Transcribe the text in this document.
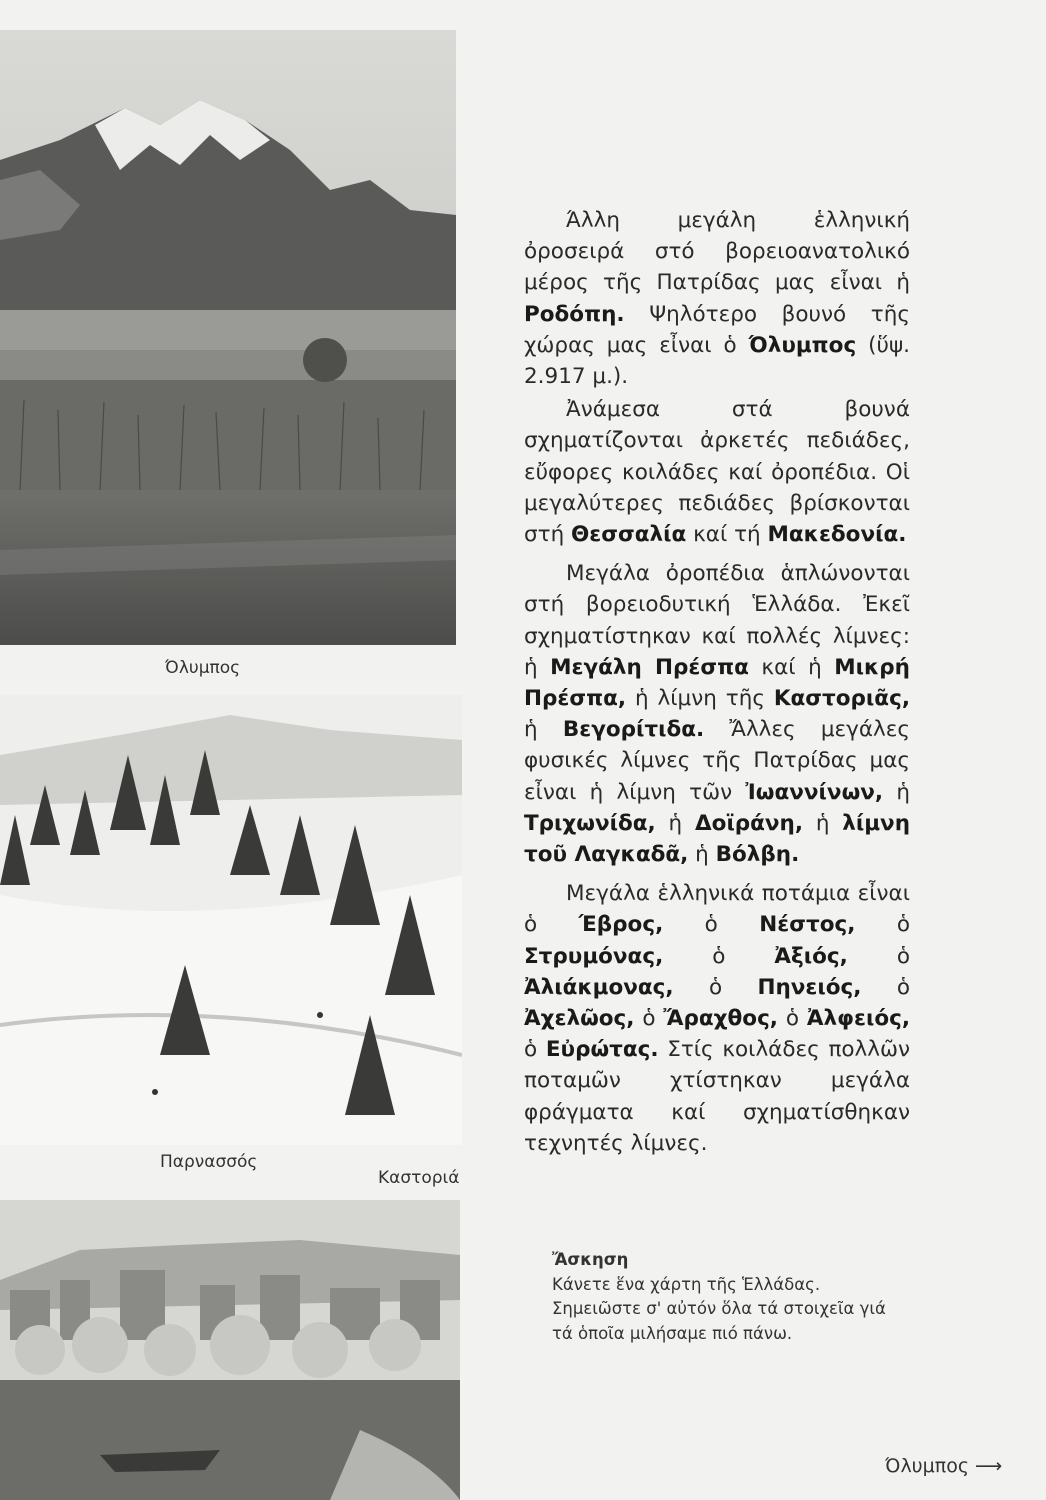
Όλυμπος
Παρνασσός
Καστοριά

Άλλη μεγάλη ἑλληνική ὀροσειρά στό βορειοανατολικό μέρος τῆς Πατρίδας μας εἶναι ἡ Ροδόπη. Ψηλότερο βουνό τῆς χώρας μας εἶναι ὁ Όλυμπος (ὕψ. 2.917 μ.).

Ἀνάμεσα στά βουνά σχηματίζονται ἀρκετές πεδιάδες, εὔφορες κοιλάδες καί ὀροπέδια. Οἱ μεγαλύτερες πεδιάδες βρίσκονται στή Θεσσαλία καί τή Μακεδονία.

Μεγάλα ὀροπέδια ἁπλώνονται στή βορειοδυτική Ἑλλάδα. Ἐκεῖ σχηματίστηκαν καί πολλές λίμνες: ἡ Μεγάλη Πρέσπα καί ἡ Μικρή Πρέσπα, ἡ λίμνη τῆς Καστοριᾶς, ἡ Βεγορίτιδα. Ἄλλες μεγάλες φυσικές λίμνες τῆς Πατρίδας μας εἶναι ἡ λίμνη τῶν Ἰωαννίνων, ἡ Τριχωνίδα, ἡ Δοϊράνη, ἡ λίμνη τοῦ Λαγκαδᾶ, ἡ Βόλβη.

Μεγάλα ἑλληνικά ποτάμια εἶναι ὁ Έβρος, ὁ Νέστος, ὁ Στρυμόνας, ὁ Ἀξιός, ὁ Ἀλιάκμονας, ὁ Πηνειός, ὁ Ἀχελῶος, ὁ Ἄραχθος, ὁ Ἀλφειός, ὁ Εὐρώτας. Στίς κοιλάδες πολλῶν ποταμῶν χτίστηκαν μεγάλα φράγματα καί σχηματίσθηκαν τεχνητές λίμνες.

Ἄσκηση
Κάνετε ἕνα χάρτη τῆς Ἑλλάδας. Σημειῶστε σ' αὐτόν ὅλα τά στοιχεῖα γιά τά ὁποῖα μιλήσαμε πιό πάνω.
Όλυμπος ⟶
